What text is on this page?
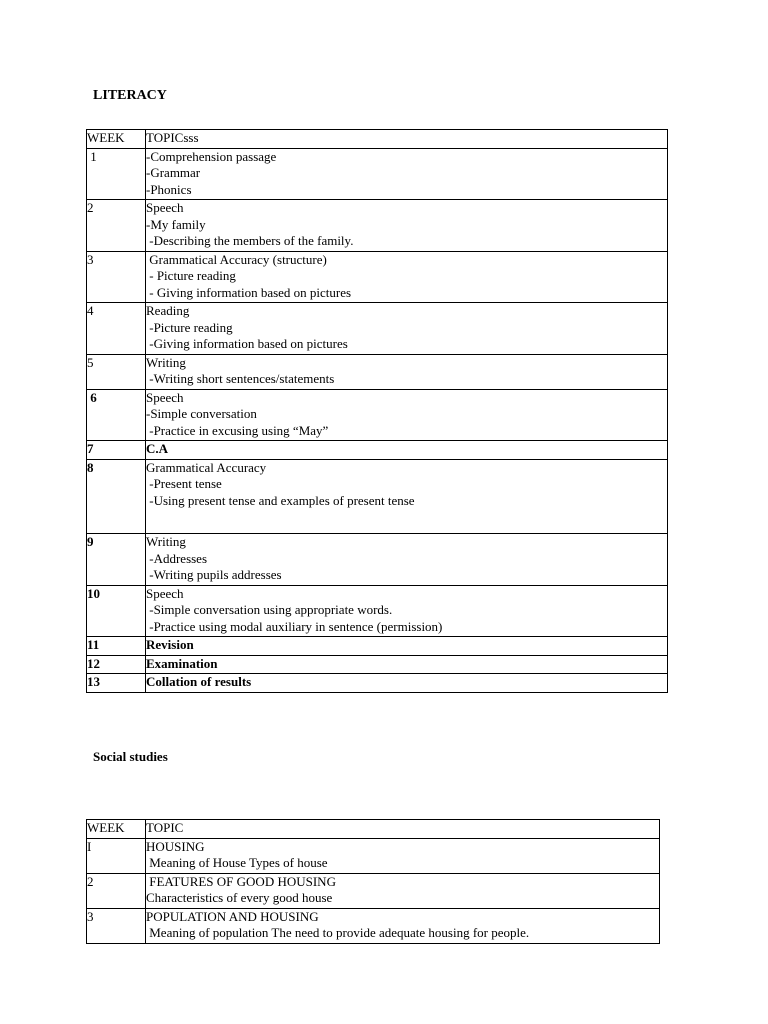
LITERACY
WEEK	TOPICsss
1	-Comprehension passage
-Grammar
-Phonics

2	Speech
-My family
-Describing the members of the family.

3	Grammatical Accuracy (structure)
- Picture reading
- Giving information based on pictures

4	Reading
-Picture reading
-Giving information based on pictures

5	Writing
-Writing short sentences/statements

6	Speech
-Simple conversation
-Practice in excusing using “May”

7	C.A

8	Grammatical Accuracy
-Present tense
-Using present tense and examples of present tense

9	Writing
-Addresses
-Writing pupils addresses

10	Speech
-Simple conversation using appropriate words.
-Practice using modal auxiliary in sentence (permission)

11	Revision

12	Examination

13	Collation of results
Social studies
WEEK	TOPIC
I	HOUSING
Meaning of House Types of house

2	FEATURES OF GOOD HOUSING
Characteristics of every good house

3	POPULATION AND HOUSING
Meaning of population The need to provide adequate housing for people.
